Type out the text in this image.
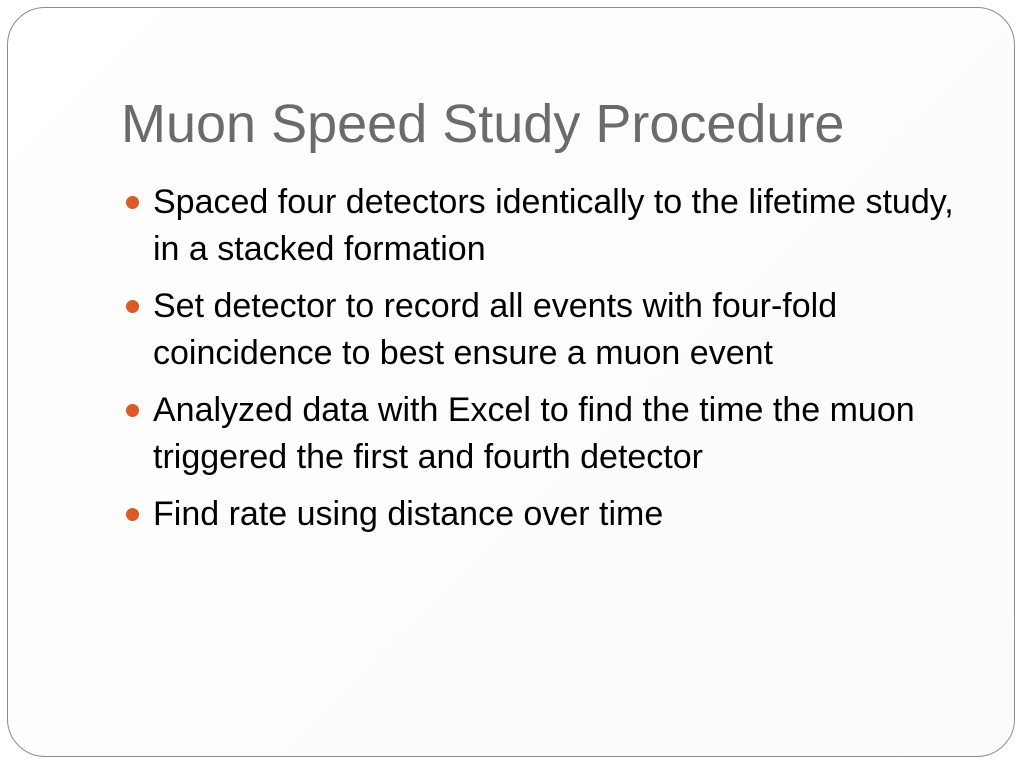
Muon Speed Study Procedure
Spaced four detectors identically to the lifetime study, in a stacked formation
Set detector to record all events with four-fold coincidence to best ensure a muon event
Analyzed data with Excel to find the time the muon triggered the first and fourth detector
Find rate using distance over time
